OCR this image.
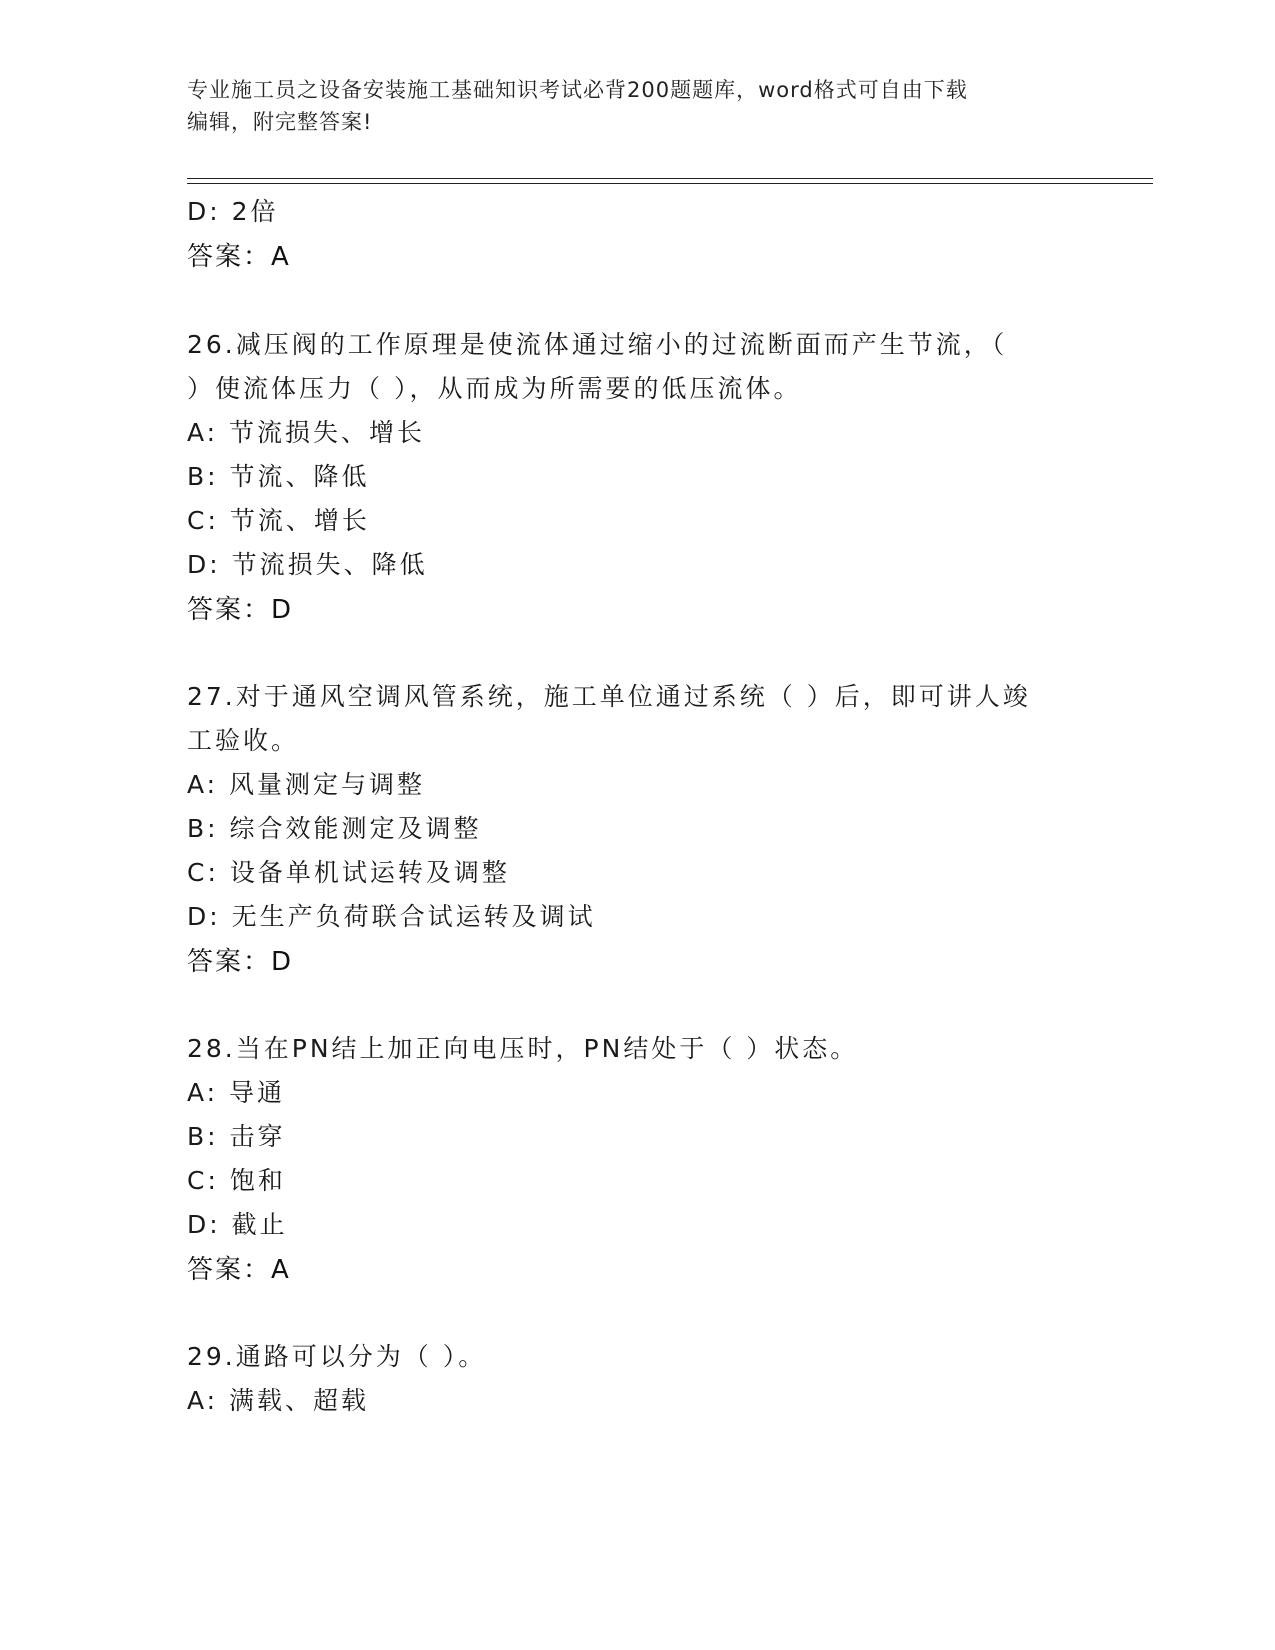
专业施工员之设备安装施工基础知识考试必背200题题库，word格式可自由下载
编辑，附完整答案!
D: 2倍
答案：A
26.减压阀的工作原理是使流体通过缩小的过流断面而产生节流，（
）使流体压力（ ），从而成为所需要的低压流体。
A: 节流损失、增长
B: 节流、降低
C: 节流、增长
D: 节流损失、降低
答案：D
27.对于通风空调风管系统，施工单位通过系统（ ）后，即可讲人竣
工验收。
A: 风量测定与调整
B: 综合效能测定及调整
C: 设备单机试运转及调整
D: 无生产负荷联合试运转及调试
答案：D
28.当在PN结上加正向电压时，PN结处于（ ）状态。
A: 导通
B: 击穿
C: 饱和
D: 截止
答案：A
29.通路可以分为（ ）。
A: 满载、超载
